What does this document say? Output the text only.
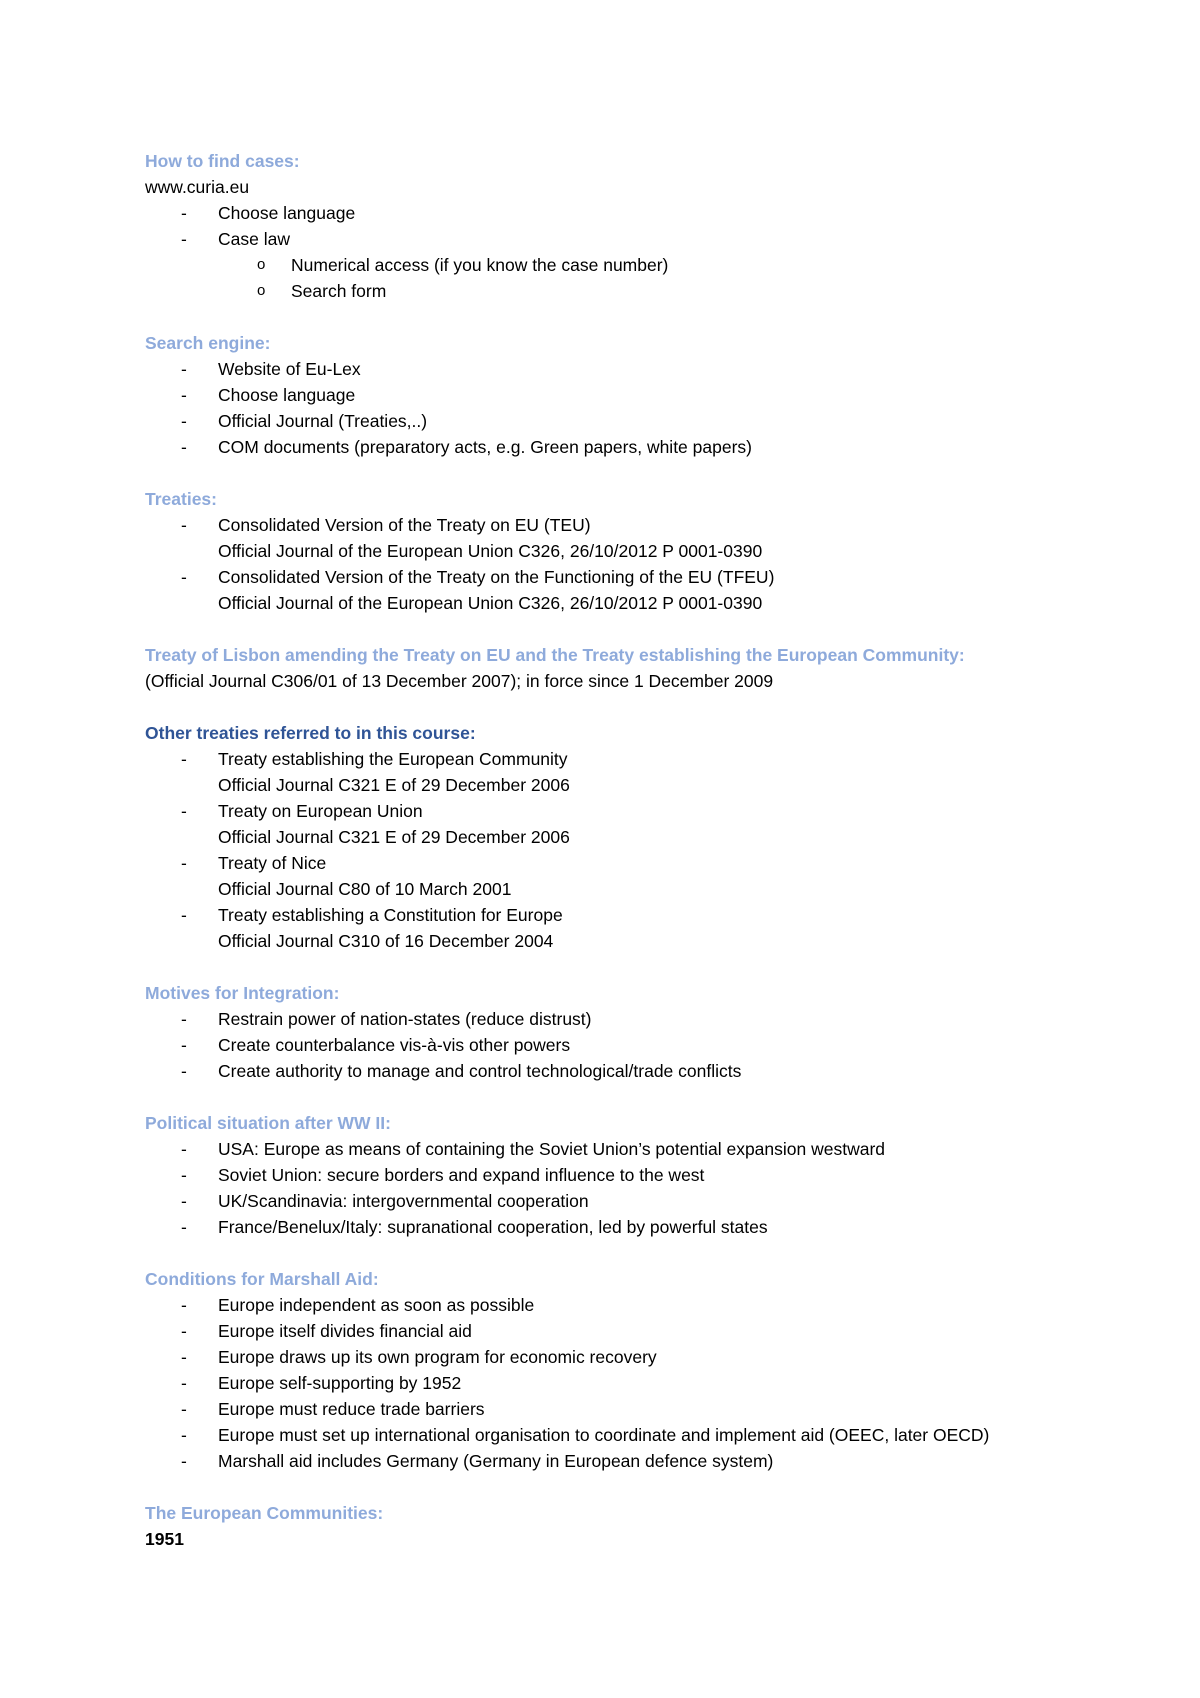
How to find cases:
www.curia.eu
- Choose language
- Case law
o Numerical access (if you know the case number)
o Search form
Search engine:
- Website of Eu-Lex
- Choose language
- Official Journal (Treaties,..)
- COM documents (preparatory acts, e.g. Green papers, white papers)
Treaties:
- Consolidated Version of the Treaty on EU (TEU)
Official Journal of the European Union C326, 26/10/2012 P 0001-0390
- Consolidated Version of the Treaty on the Functioning of the EU (TFEU)
Official Journal of the European Union C326, 26/10/2012 P 0001-0390
Treaty of Lisbon amending the Treaty on EU and the Treaty establishing the European Community:
(Official Journal C306/01 of 13 December 2007); in force since 1 December 2009
Other treaties referred to in this course:
- Treaty establishing the European Community
Official Journal C321 E of 29 December 2006
- Treaty on European Union
Official Journal C321 E of 29 December 2006
- Treaty of Nice
Official Journal C80 of 10 March 2001
- Treaty establishing a Constitution for Europe
Official Journal C310 of 16 December 2004
Motives for Integration:
- Restrain power of nation-states (reduce distrust)
- Create counterbalance vis-à-vis other powers
- Create authority to manage and control technological/trade conflicts
Political situation after WW II:
- USA: Europe as means of containing the Soviet Union’s potential expansion westward
- Soviet Union: secure borders and expand influence to the west
- UK/Scandinavia: intergovernmental cooperation
- France/Benelux/Italy: supranational cooperation, led by powerful states
Conditions for Marshall Aid:
- Europe independent as soon as possible
- Europe itself divides financial aid
- Europe draws up its own program for economic recovery
- Europe self-supporting by 1952
- Europe must reduce trade barriers
- Europe must set up international organisation to coordinate and implement aid (OEEC, later OECD)
- Marshall aid includes Germany (Germany in European defence system)
The European Communities:
1951
